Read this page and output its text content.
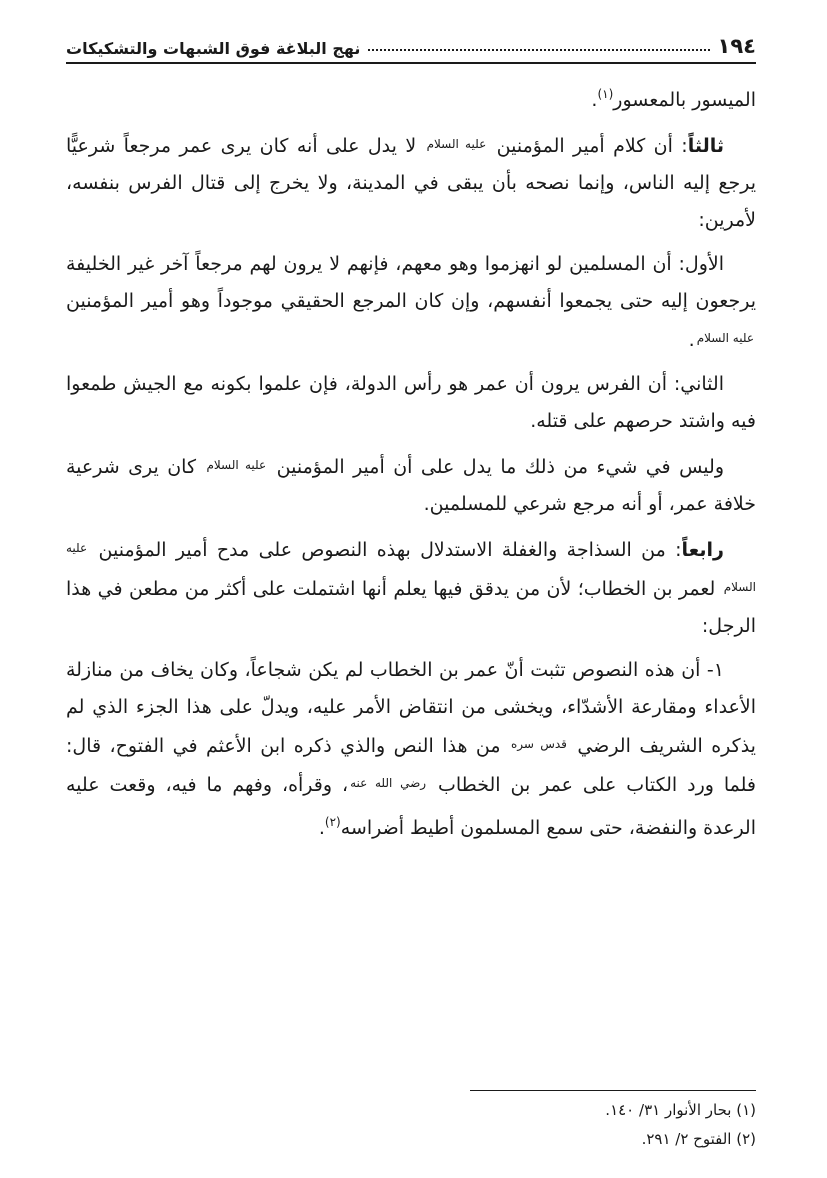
١٩٤
نهج البلاغة فوق الشبهات والتشكيكات

الميسور بالمعسور$^{(١)}$.

ثالثاً: أن كلام أمير المؤمنين $^{عليه السلام}$ لا يدل على أنه كان يرى عمر مرجعاً شرعيًّا يرجع إليه الناس، وإنما نصحه بأن يبقى في المدينة، ولا يخرج إلى قتال الفرس بنفسه، لأمرين:

الأول: أن المسلمين لو انهزموا وهو معهم، فإنهم لا يرون لهم مرجعاً آخر غير الخليفة يرجعون إليه حتى يجمعوا أنفسهم، وإن كان المرجع الحقيقي موجوداً وهو أمير المؤمنين $^{عليه السلام}$.

الثاني: أن الفرس يرون أن عمر هو رأس الدولة، فإن علموا بكونه مع الجيش طمعوا فيه واشتد حرصهم على قتله.

وليس في شيء من ذلك ما يدل على أن أمير المؤمنين $^{عليه السلام}$ كان يرى شرعية خلافة عمر، أو أنه مرجع شرعي للمسلمين.

رابعاً: من السذاجة والغفلة الاستدلال بهذه النصوص على مدح أمير المؤمنين $^{عليه السلام}$ لعمر بن الخطاب؛ لأن من يدقق فيها يعلم أنها اشتملت على أكثر من مطعن في هذا الرجل:

١- أن هذه النصوص تثبت أنّ عمر بن الخطاب لم يكن شجاعاً، وكان يخاف من منازلة الأعداء ومقارعة الأشدّاء، ويخشى من انتقاض الأمر عليه، ويدلّ على هذا الجزء الذي لم يذكره الشريف الرضي $^{قدس سره}$ من هذا النص والذي ذكره ابن الأعثم في الفتوح، قال: فلما ورد الكتاب على عمر بن الخطاب $^{رضي الله عنه}$، وقرأه، وفهم ما فيه، وقعت عليه الرعدة والنفضة، حتى سمع المسلمون أطيط أضراسه$^{(٢)}$.

(١) بحار الأنوار ٣١/ ١٤٠.

(٢) الفتوح ٢/ ٢٩١.
